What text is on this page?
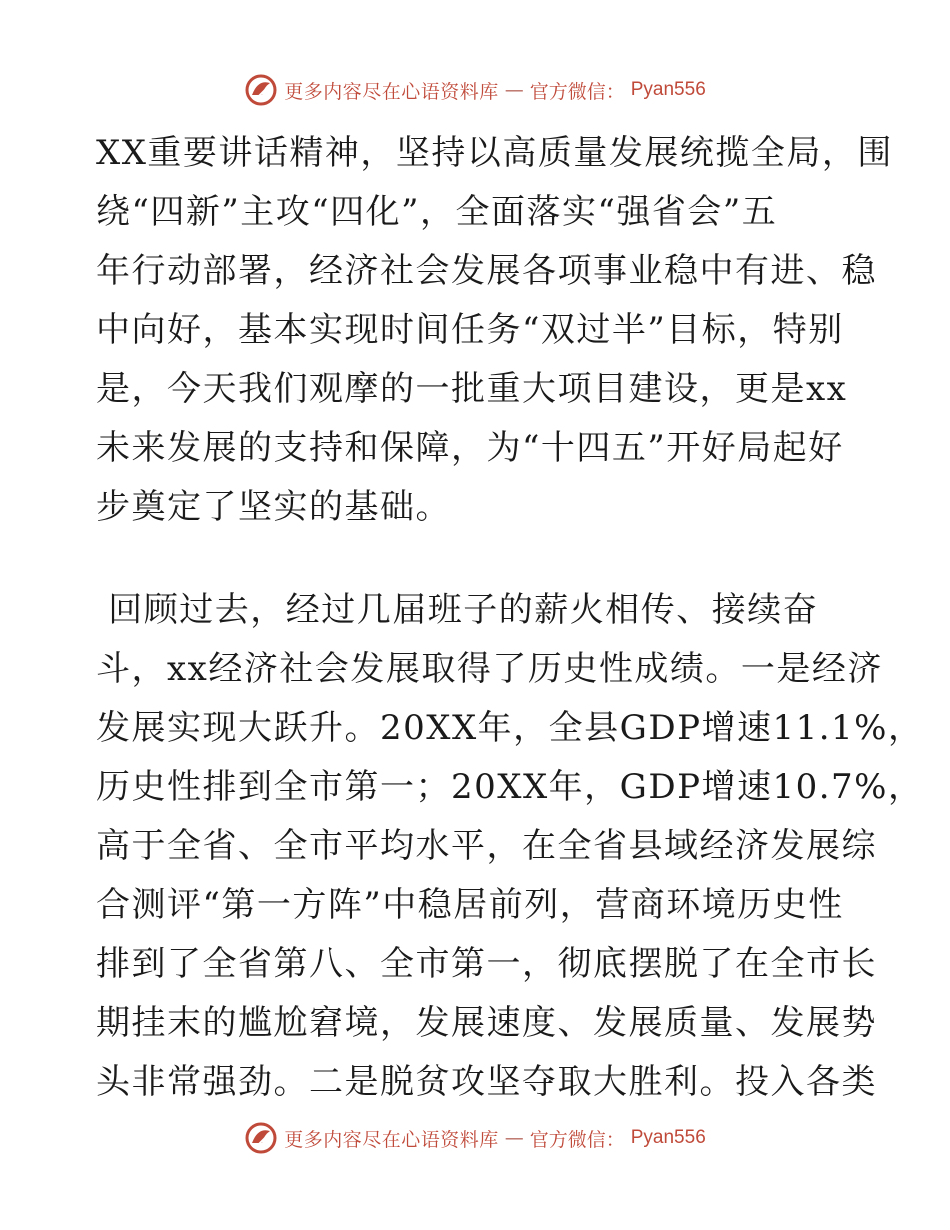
更多内容尽在心语资料库 — 官方微信： Pyan556
XX重要讲话精神，坚持以高质量发展统揽全局，围
绕“四新”主攻“四化”，全面落实“强省会”五
年行动部署，经济社会发展各项事业稳中有进、稳
中向好，基本实现时间任务“双过半”目标，特别
是，今天我们观摩的一批重大项目建设，更是xx
未来发展的支持和保障，为“十四五”开好局起好
步奠定了坚实的基础。
回顾过去，经过几届班子的薪火相传、接续奋
斗，xx经济社会发展取得了历史性成绩。一是经济
发展实现大跃升。20XX年，全县GDP增速11.1%，
历史性排到全市第一；20XX年，GDP增速10.7%，
高于全省、全市平均水平，在全省县域经济发展综
合测评“第一方阵”中稳居前列，营商环境历史性
排到了全省第八、全市第一，彻底摆脱了在全市长
期挂末的尴尬窘境，发展速度、发展质量、发展势
头非常强劲。二是脱贫攻坚夺取大胜利。投入各类
更多内容尽在心语资料库 — 官方微信： Pyan556
